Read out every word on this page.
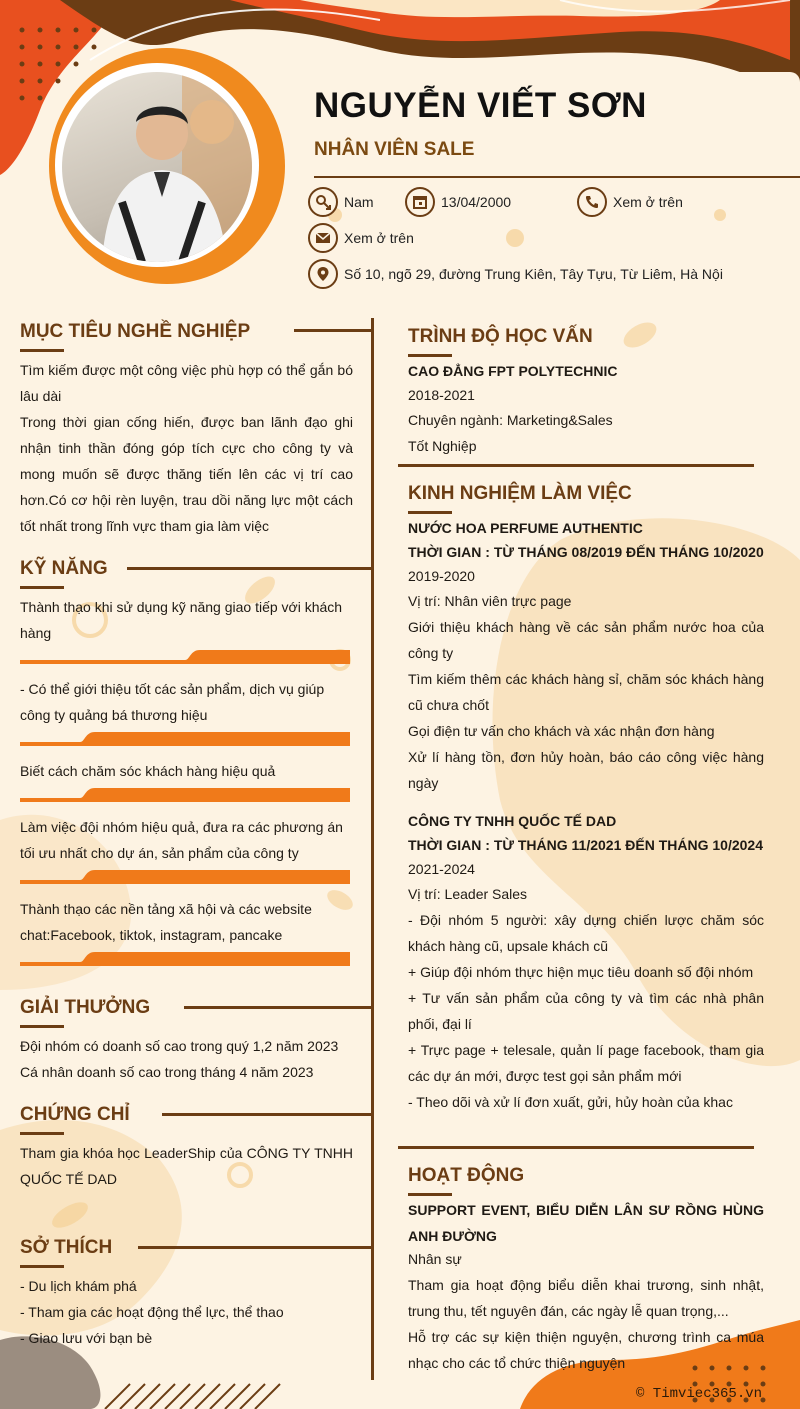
NGUYỄN VIẾT SƠN
NHÂN VIÊN SALE
Nam	13/04/2000	Xem ở trên
Xem ở trên
Số 10, ngõ 29, đường Trung Kiên, Tây Tựu, Từ Liêm, Hà Nội
MỤC TIÊU NGHỀ NGHIỆP
Tìm kiếm được một công việc phù hợp có thể gắn bó lâu dài
Trong thời gian cống hiến, được ban lãnh đạo ghi nhận tinh thần đóng góp tích cực cho công ty và mong muốn sẽ được thăng tiến lên các vị trí cao hơn.Có cơ hội rèn luyện, trau dồi năng lực một cách tốt nhất trong lĩnh vực tham gia làm việc
KỸ NĂNG
Thành thạo khi sử dụng kỹ năng giao tiếp với khách hàng
- Có thể giới thiệu tốt các sản phẩm, dịch vụ giúp công ty quảng bá thương hiệu
Biết cách chăm sóc khách hàng hiệu quả
Làm việc đội nhóm hiệu quả, đưa ra các phương án tối ưu nhất cho dự án, sản phẩm của công ty
Thành thạo các nền tảng xã hội và các website chat:Facebook, tiktok, instagram, pancake
GIẢI THƯỞNG
Đội nhóm có doanh số cao trong quý 1,2 năm 2023
Cá nhân doanh số cao trong tháng 4 năm 2023
CHỨNG CHỈ
Tham gia khóa học LeaderShip của CÔNG TY TNHH QUỐC TẾ DAD
SỞ THÍCH
- Du lịch khám phá
- Tham gia các hoạt động thể lực, thể thao
- Giao lưu với bạn bè
TRÌNH ĐỘ HỌC VẤN
CAO ĐẲNG FPT POLYTECHNIC
2018-2021
Chuyên ngành: Marketing&Sales
Tốt Nghiệp
KINH NGHIỆM LÀM VIỆC
NƯỚC HOA PERFUME AUTHENTIC
THỜI GIAN : TỪ THÁNG 08/2019 ĐẾN THÁNG 10/2020
2019-2020
Vị trí: Nhân viên trực page
Giới thiệu khách hàng về các sản phẩm nước hoa của công ty
Tìm kiếm thêm các khách hàng sỉ, chăm sóc khách hàng cũ chưa chốt
Gọi điện tư vấn cho khách và xác nhận đơn hàng
Xử lí hàng tồn, đơn hủy hoàn, báo cáo công việc hàng ngày
CÔNG TY TNHH QUỐC TẾ DAD
THỜI GIAN : TỪ THÁNG 11/2021 ĐẾN THÁNG 10/2024
2021-2024
Vị trí: Leader Sales
- Đội nhóm 5 người: xây dựng chiến lược chăm sóc khách hàng cũ, upsale khách cũ
+ Giúp đội nhóm thực hiện mục tiêu doanh số đội nhóm
+ Tư vấn sản phẩm của công ty và tìm các nhà phân phối, đại lí
+ Trực page + telesale, quản lí page facebook, tham gia các dự án mới, được test gọi sản phẩm mới
- Theo dõi và xử lí đơn xuất, gửi, hủy hoàn của khac
HOẠT ĐỘNG
SUPPORT EVENT, BIỂU DIỄN LÂN SƯ RỒNG HÙNG ANH ĐƯỜNG
Nhân sự
Tham gia hoạt động biểu diễn khai trương, sinh nhật, trung thu, tết nguyên đán, các ngày lễ quan trọng,...
Hỗ trợ các sự kiện thiện nguyện, chương trình ca múa nhạc cho các tổ chức thiện nguyện
© Timviec365.vn
